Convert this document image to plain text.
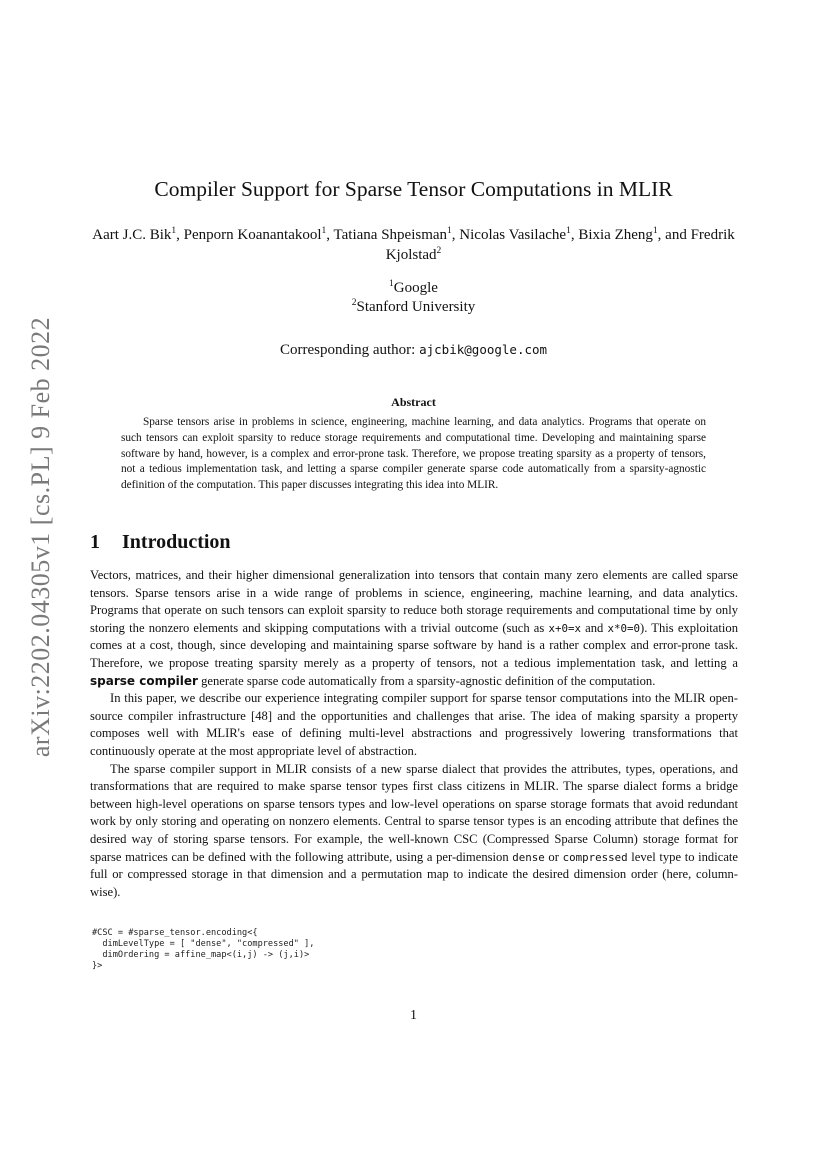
arXiv:2202.04305v1 [cs.PL] 9 Feb 2022
Compiler Support for Sparse Tensor Computations in MLIR
Aart J.C. Bik$^1$, Penporn Koanantakool$^1$, Tatiana Shpeisman$^1$, Nicolas Vasilache$^1$, Bixia Zheng$^1$, and Fredrik Kjolstad$^2$
$^1$Google
$^2$Stanford University
Corresponding author: ajcbik@google.com
Abstract

Sparse tensors arise in problems in science, engineering, machine learning, and data analytics. Programs that operate on such tensors can exploit sparsity to reduce storage requirements and computational time. Developing and maintaining sparse software by hand, however, is a complex and error-prone task. Therefore, we propose treating sparsity as a property of tensors, not a tedious implementation task, and letting a sparse compiler generate sparse code automatically from a sparsity-agnostic definition of the computation. This paper discusses integrating this idea into MLIR.

1 Introduction

Vectors, matrices, and their higher dimensional generalization into tensors that contain many zero elements are called sparse tensors. Sparse tensors arise in a wide range of problems in science, engineering, machine learning, and data analytics. Programs that operate on such tensors can exploit sparsity to reduce both storage requirements and computational time by only storing the nonzero elements and skipping computations with a trivial outcome (such as x+0=x and x*0=0). This exploitation comes at a cost, though, since developing and maintaining sparse software by hand is a rather complex and error-prone task. Therefore, we propose treating sparsity merely as a property of tensors, not a tedious implementation task, and letting a sparse compiler generate sparse code automatically from a sparsity-agnostic definition of the computation.

In this paper, we describe our experience integrating compiler support for sparse tensor computations into the MLIR open-source compiler infrastructure [48] and the opportunities and challenges that arise. The idea of making sparsity a property composes well with MLIR's ease of defining multi-level abstractions and progressively lowering transformations that continuously operate at the most appropriate level of abstraction.

The sparse compiler support in MLIR consists of a new sparse dialect that provides the attributes, types, operations, and transformations that are required to make sparse tensor types first class citizens in MLIR. The sparse dialect forms a bridge between high-level operations on sparse tensors types and low-level operations on sparse storage formats that avoid redundant work by only storing and operating on nonzero elements. Central to sparse tensor types is an encoding attribute that defines the desired way of storing sparse tensors. For example, the well-known CSC (Compressed Sparse Column) storage format for sparse matrices can be defined with the following attribute, using a per-dimension dense or compressed level type to indicate full or compressed storage in that dimension and a permutation map to indicate the desired dimension order (here, column-wise).

#CSC = #sparse_tensor.encoding<{
dimLevelType = [ "dense", "compressed" ],
dimOrdering = affine_map<(i,j) -> (j,i)>
}>
1
